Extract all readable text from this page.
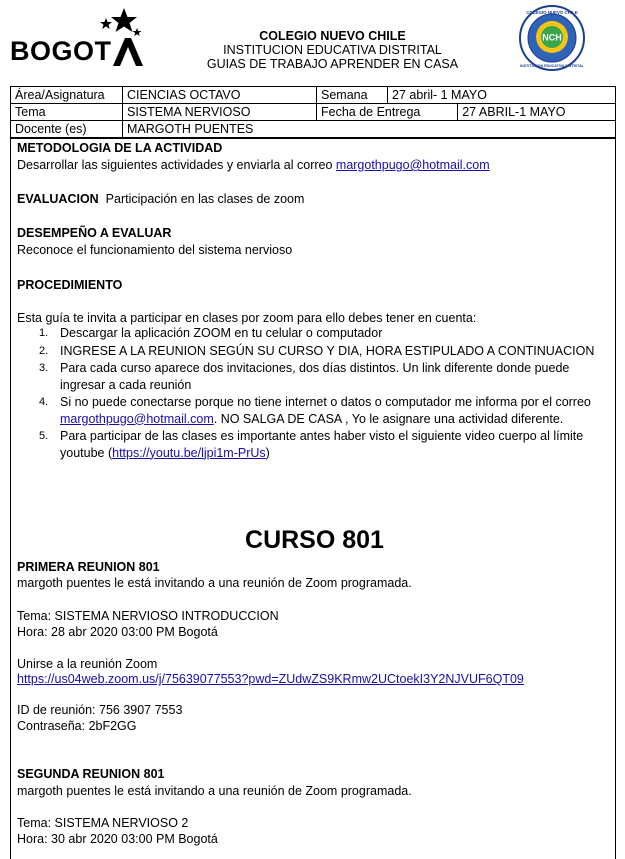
BOGOT	COLEGIO NUEVO CHILE
INSTITUCION EDUCATIVA DISTRITAL
GUIAS DE TRABAJO APRENDER EN CASA
NCH
COLEGIO NUEVO CHILE
INSTITUCION EDUCATIVA DISTRITAL
Área/Asignatura	CIENCIAS OCTAVO	Semana	27 abril- 1 MAYO	
Tema	SISTEMA NERVIOSO	Fecha de Entrega		27 ABRIL-1 MAYO
Docente (es)	MARGOTH PUENTES			
METODOLOGIA DE LA ACTIVIDAD
Desarrollar las siguientes actividades y enviarla al correo margothpugo@hotmail.com
EVALUACION Participación en las clases de zoom
DESEMPEÑO A EVALUAR
Reconoce el funcionamiento del sistema nervioso
PROCEDIMIENTO
Esta guía te invita a participar en clases por zoom para ello debes tener en cuenta:
1. Descargar la aplicación ZOOM en tu celular o computador
2. INGRESE A LA REUNION SEGÚN SU CURSO Y DIA, HORA ESTIPULADO A CONTINUACION
3. Para cada curso aparece dos invitaciones, dos días distintos. Un link diferente donde puede ingresar a cada reunión
4. Si no puede conectarse porque no tiene internet o datos o computador me informa por el correo margothpugo@hotmail.com. NO SALGA DE CASA , Yo le asignare una actividad diferente.
5. Para participar de las clases es importante antes haber visto el siguiente video cuerpo al límite youtube (https://youtu.be/ljpi1m-PrUs)
CURSO 801
PRIMERA REUNION 801
margoth puentes le está invitando a una reunión de Zoom programada.
Tema: SISTEMA NERVIOSO INTRODUCCION
Hora: 28 abr 2020 03:00 PM Bogotá
Unirse a la reunión Zoom
https://us04web.zoom.us/j/75639077553?pwd=ZUdwZS9KRmw2UCtoekI3Y2NJVUF6QT09
ID de reunión: 756 3907 7553
Contraseña: 2bF2GG
SEGUNDA REUNION 801
margoth puentes le está invitando a una reunión de Zoom programada.
Tema: SISTEMA NERVIOSO 2
Hora: 30 abr 2020 03:00 PM Bogotá
